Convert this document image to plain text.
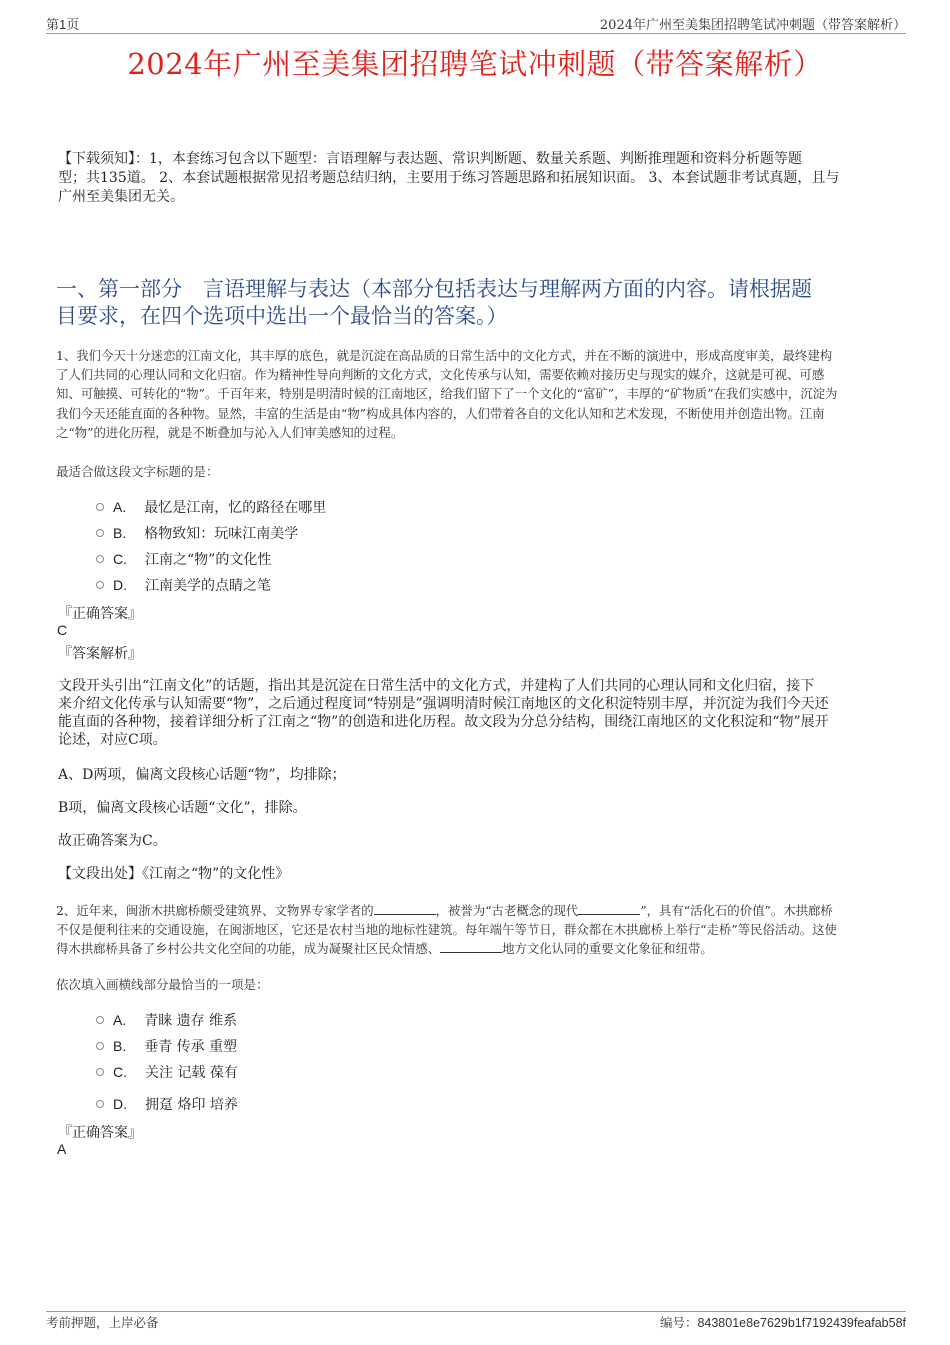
第1页	2024年广州至美集团招聘笔试冲刺题（带答案解析）
2024年广州至美集团招聘笔试冲刺题（带答案解析）
【下载须知】：1，本套练习包含以下题型：言语理解与表达题、常识判断题、数量关系题、判断推理题和资料分析题等题
型；共135道。 2、本套试题根据常见招考题总结归纳，主要用于练习答题思路和拓展知识面。 3、本套试题非考试真题，且与
广州至美集团无关。
一、第一部分　言语理解与表达（本部分包括表达与理解两方面的内容。请根据题
目要求，在四个选项中选出一个最恰当的答案。）
1、我们今天十分迷恋的江南文化，其丰厚的底色，就是沉淀在高品质的日常生活中的文化方式，并在不断的演进中，形成高度审美，最终建构
了人们共同的心理认同和文化归宿。作为精神性导向判断的文化方式，文化传承与认知，需要依赖对接历史与现实的媒介，这就是可视、可感
知、可触摸、可转化的“物”。千百年来，特别是明清时候的江南地区，给我们留下了一个文化的“富矿”，丰厚的“矿物质”在我们实感中，沉淀为
我们今天还能直面的各种物。显然，丰富的生活是由“物”构成具体内容的，人们带着各自的文化认知和艺术发现，不断使用并创造出物。江南
之“物”的进化历程，就是不断叠加与沁入人们审美感知的过程。
最适合做这段文字标题的是：
A. 最忆是江南，忆的路径在哪里
B. 格物致知：玩味江南美学
C. 江南之“物”的文化性
D. 江南美学的点睛之笔
『正确答案』
C
『答案解析』
文段开头引出“江南文化”的话题，指出其是沉淀在日常生活中的文化方式，并建构了人们共同的心理认同和文化归宿，接下
来介绍文化传承与认知需要“物”，之后通过程度词“特别是”强调明清时候江南地区的文化积淀特别丰厚，并沉淀为我们今天还
能直面的各种物，接着详细分析了江南之“物”的创造和进化历程。故文段为分总分结构，围绕江南地区的文化积淀和“物”展开
论述，对应C项。
A、D两项，偏离文段核心话题“物”，均排除；
B项，偏离文段核心话题“文化”，排除。
故正确答案为C。
【文段出处】《江南之“物”的文化性》
2、近年来，闽浙木拱廊桥颇受建筑界、文物界专家学者的	，被誉为“古老概念的现代	”，具有“活化石的价值”。木拱廊桥
不仅是便利往来的交通设施，在闽浙地区，它还是农村当地的地标性建筑。每年端午等节日，群众都在木拱廊桥上举行“走桥”等民俗活动。这使
得木拱廊桥具备了乡村公共文化空间的功能，成为凝聚社区民众情感、	地方文化认同的重要文化象征和纽带。
依次填入画横线部分最恰当的一项是：
A. 青睐 遗存 维系
B. 垂青 传承 重塑
C. 关注 记载 葆有
D. 拥趸 烙印 培养
『正确答案』
A
考前押题，上岸必备	编号：843801e8e7629b1f7192439feafab58f
